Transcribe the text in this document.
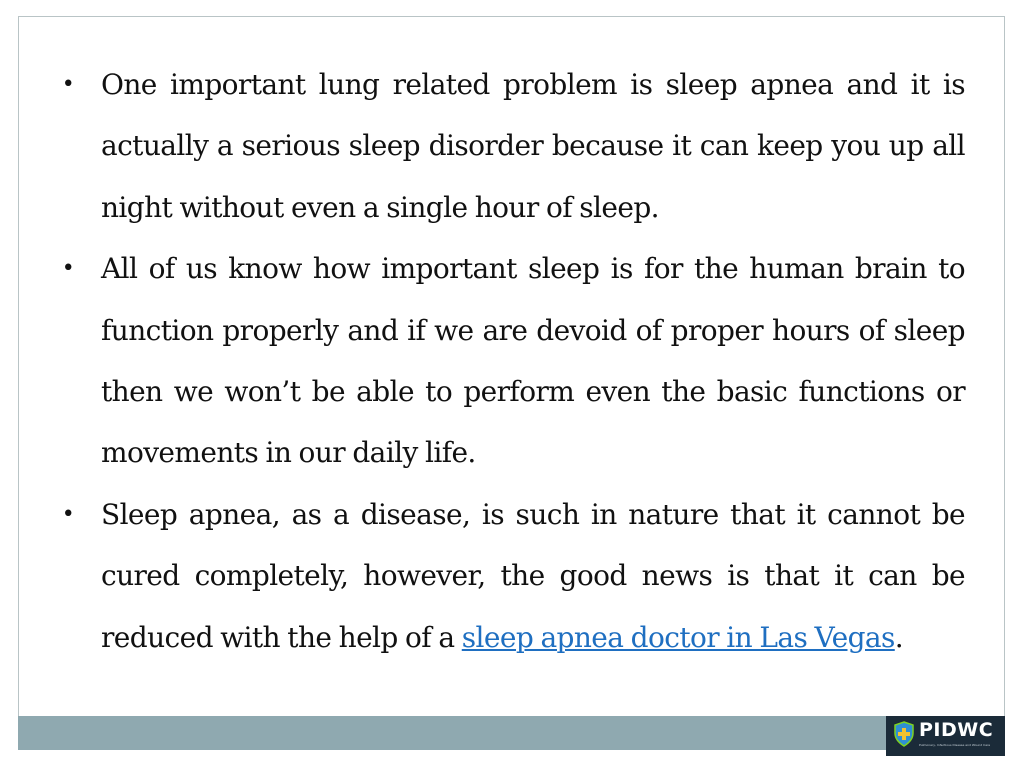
• One important lung related problem is sleep apnea and it is actually a serious sleep disorder because it can keep you up all night without even a single hour of sleep.
• All of us know how important sleep is for the human brain to function properly and if we are devoid of proper hours of sleep then we won’t be able to perform even the basic functions or movements in our daily life.
• Sleep apnea, as a disease, is such in nature that it cannot be cured completely, however, the good news is that it can be reduced with the help of a sleep apnea doctor in Las Vegas.
PIDWC
Pulmonary, Infectious Disease and Wound Care
